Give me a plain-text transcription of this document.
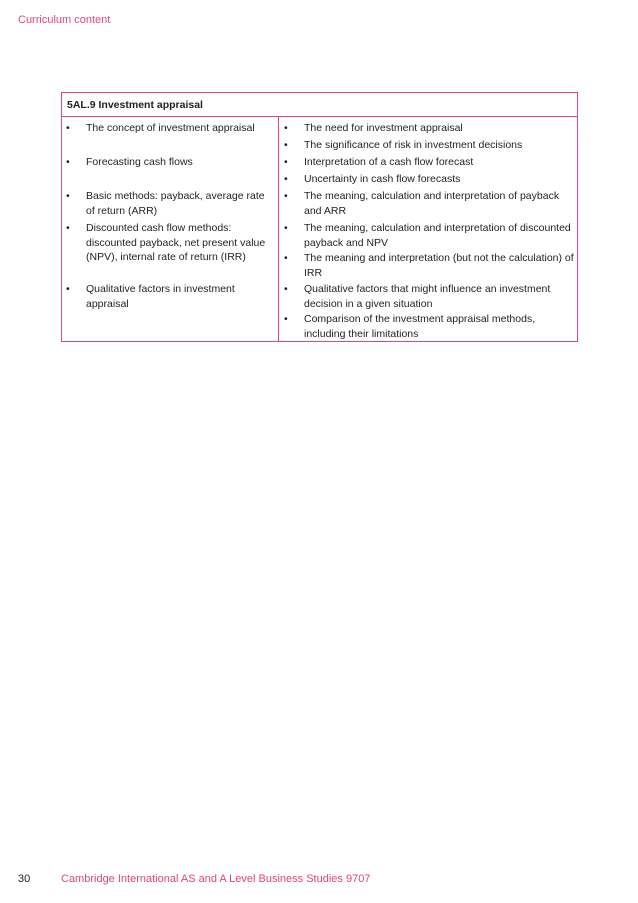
Curriculum content
5AL.9 Investment appraisal
• The concept of investment appraisal
• Forecasting cash flows
• Basic methods: payback, average rate of return (ARR)
• Discounted cash flow methods: discounted payback, net present value (NPV), internal rate of return (IRR)
• Qualitative factors in investment appraisal
• The need for investment appraisal
• The significance of risk in investment decisions
• Interpretation of a cash flow forecast
• Uncertainty in cash flow forecasts
• The meaning, calculation and interpretation of payback and ARR
• The meaning, calculation and interpretation of discounted payback and NPV
• The meaning and interpretation (but not the calculation) of IRR
• Qualitative factors that might influence an investment decision in a given situation
• Comparison of the investment appraisal methods, including their limitations
30	Cambridge International AS and A Level Business Studies 9707
